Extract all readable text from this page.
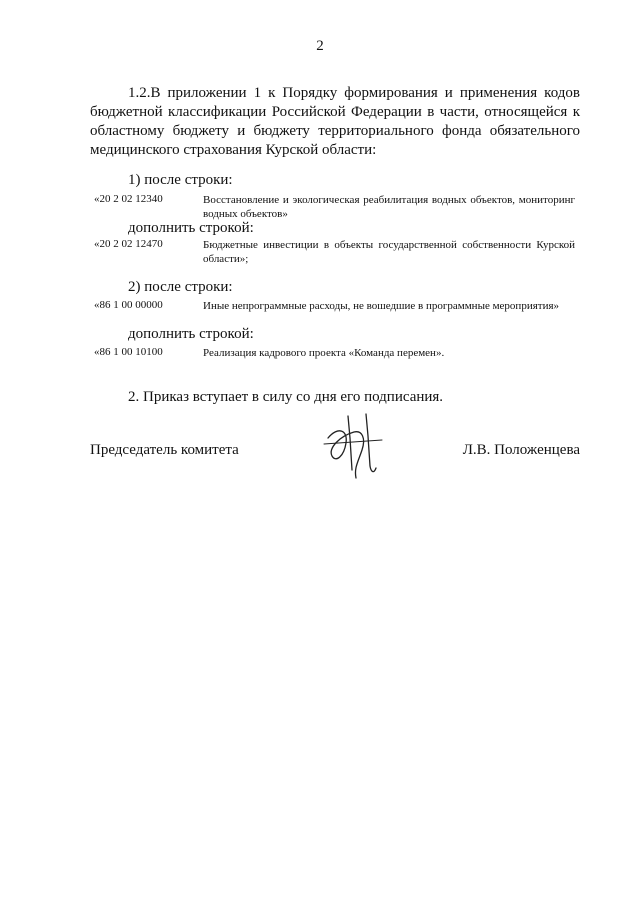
2
1.2.В приложении 1 к Порядку формирования и применения кодов бюджетной классификации Российской Федерации в части, относящейся к областному бюджету и бюджету территориального фонда обязательного медицинского страхования Курской области:
1) после строки:
«20 2 02 12340	Восстановление и экологическая реабилитация водных объектов, мониторинг водных объектов»
дополнить строкой:
«20 2 02 12470	Бюджетные инвестиции в объекты государственной собственности Курской области»;
2) после строки:
«86 1 00 00000	Иные непрограммные расходы, не вошедшие в программные мероприятия»
дополнить строкой:
«86 1 00 10100	Реализация кадрового проекта «Команда перемен».
2. Приказ вступает в силу со дня его подписания.
Председатель комитета	Л.В. Положенцева
